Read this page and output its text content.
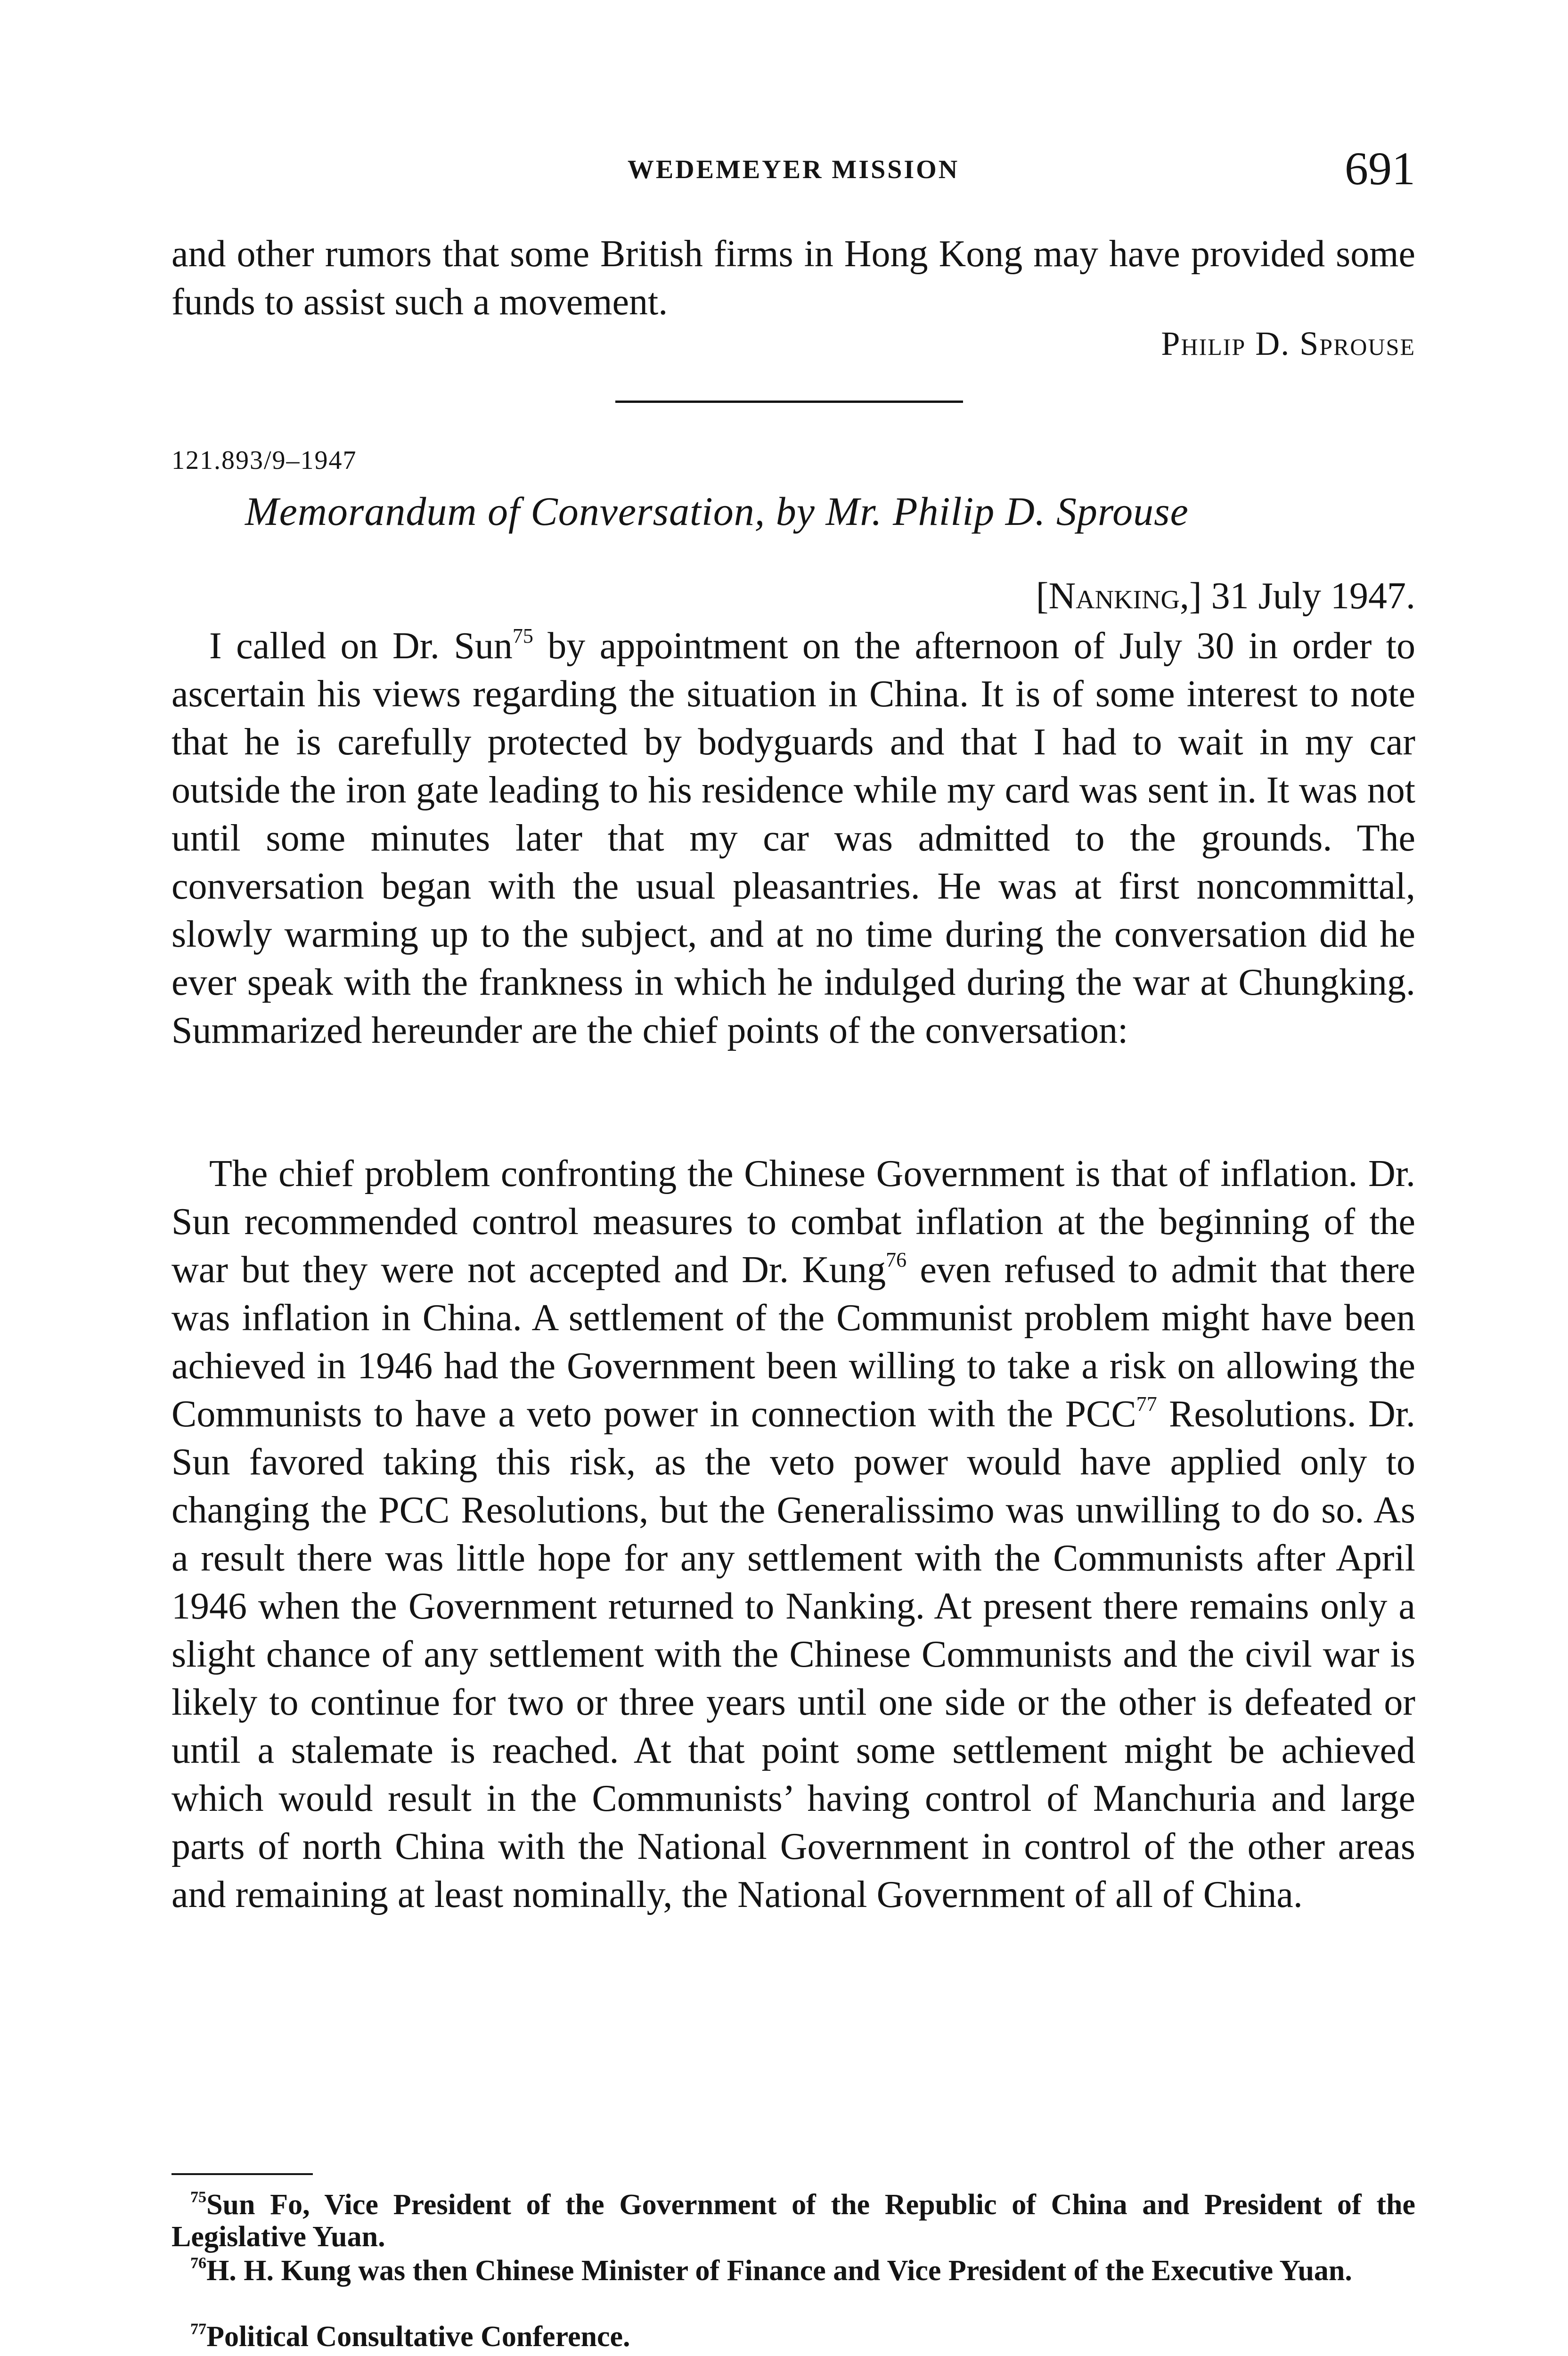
WEDEMEYER MISSION	691

and other rumors that some British firms in Hong Kong may have provided some funds to assist such a movement.

Philip D. Sprouse
121.893/9–1947
Memorandum of Conversation, by Mr. Philip D. Sprouse
[Nanking,] 31 July 1947.

I called on Dr. Sun$^{75}$ by appointment on the afternoon of July 30 in order to ascertain his views regarding the situation in China. It is of some interest to note that he is carefully protected by bodyguards and that I had to wait in my car outside the iron gate leading to his residence while my card was sent in. It was not until some minutes later that my car was admitted to the grounds. The conversation began with the usual pleasantries. He was at first noncommittal, slowly warming up to the subject, and at no time during the conversation did he ever speak with the frankness in which he indulged during the war at Chungking. Summarized hereunder are the chief points of the conversation:

The chief problem confronting the Chinese Government is that of inflation. Dr. Sun recommended control measures to combat inflation at the beginning of the war but they were not accepted and Dr. Kung$^{76}$ even refused to admit that there was inflation in China. A settlement of the Communist problem might have been achieved in 1946 had the Government been willing to take a risk on allowing the Communists to have a veto power in connection with the PCC$^{77}$ Resolutions. Dr. Sun favored taking this risk, as the veto power would have applied only to changing the PCC Resolutions, but the Generalissimo was unwilling to do so. As a result there was little hope for any settlement with the Communists after April 1946 when the Government returned to Nanking. At present there remains only a slight chance of any settlement with the Chinese Communists and the civil war is likely to continue for two or three years until one side or the other is defeated or until a stalemate is reached. At that point some settlement might be achieved which would result in the Communists’ having control of Manchuria and large parts of north China with the National Government in control of the other areas and remaining at least nominally, the National Government of all of China.

$^{75}$Sun Fo, Vice President of the Government of the Republic of China and President of the Legislative Yuan.

$^{76}$H. H. Kung was then Chinese Minister of Finance and Vice President of the Executive Yuan.

$^{77}$Political Consultative Conference.
